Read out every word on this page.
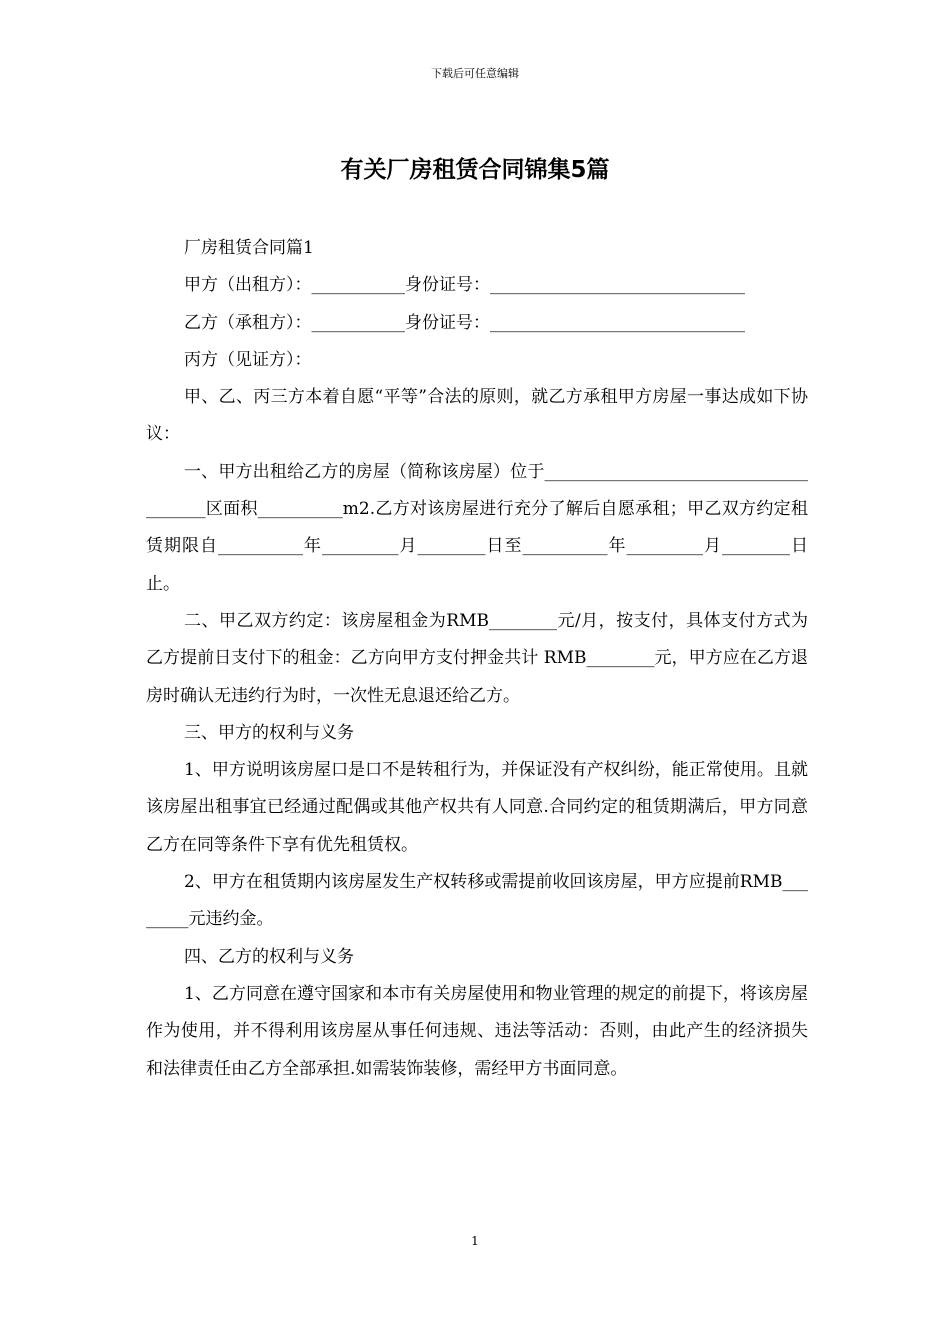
下载后可任意编辑
有关厂房租赁合同锦集5篇

厂房租赁合同篇1

甲方（出租方）：___________身份证号：______________________________

乙方（承租方）：___________身份证号：______________________________

丙方（见证方）：

甲、乙、丙三方本着自愿“平等”合法的原则，就乙方承租甲方房屋一事达成如下协议：

一、甲方出租给乙方的房屋（简称该房屋）位于______________________________________区面积__________m2.乙方对该房屋进行充分了解后自愿承租；甲乙双方约定租赁期限自__________年_________月________日至__________年_________月________日止。

二、甲乙双方约定：该房屋租金为RMB________元/月，按支付，具体支付方式为乙方提前日支付下的租金：乙方向甲方支付押金共计 RMB________元，甲方应在乙方退房时确认无违约行为时，一次性无息退还给乙方。

三、甲方的权利与义务

1、甲方说明该房屋口是口不是转租行为，并保证没有产权纠纷，能正常使用。且就该房屋出租事宜已经通过配偶或其他产权共有人同意.合同约定的租赁期满后，甲方同意乙方在同等条件下享有优先租赁权。

2、甲方在租赁期内该房屋发生产权转移或需提前收回该房屋，甲方应提前RMB________元违约金。

四、乙方的权利与义务

1、乙方同意在遵守国家和本市有关房屋使用和物业管理的规定的前提下，将该房屋作为使用，并不得利用该房屋从事任何违规、违法等活动：否则，由此产生的经济损失和法律责任由乙方全部承担.如需装饰装修，需经甲方书面同意。

1
